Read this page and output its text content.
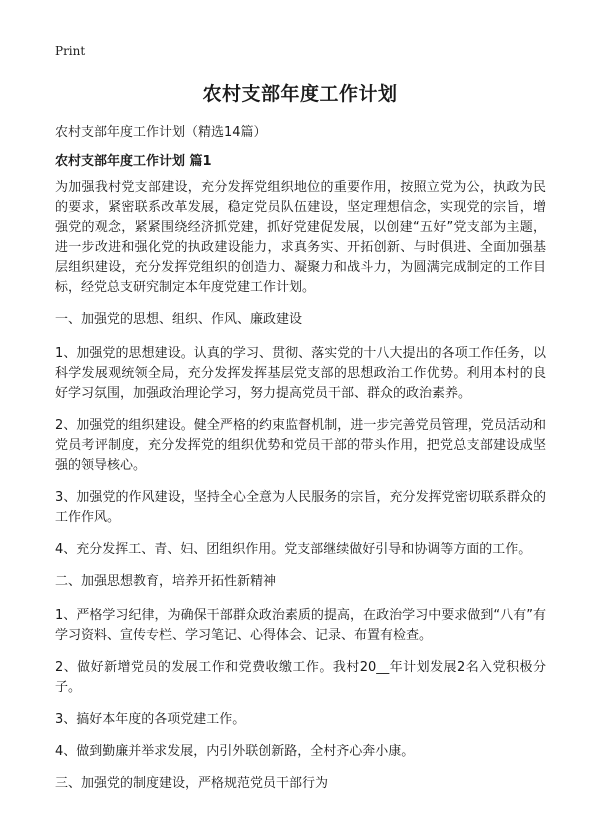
Print
农村支部年度工作计划
农村支部年度工作计划（精选14篇）
农村支部年度工作计划 篇1

为加强我村党支部建设，充分发挥党组织地位的重要作用，按照立党为公，执政为民的要求，紧密联系改革发展，稳定党员队伍建设，坚定理想信念，实现党的宗旨，增强党的观念，紧紧围绕经济抓党建，抓好党建促发展，以创建“五好”党支部为主题，进一步改进和强化党的执政建设能力，求真务实、开拓创新、与时俱进、全面加强基层组织建设，充分发挥党组织的创造力、凝聚力和战斗力，为圆满完成制定的工作目标，经党总支研究制定本年度党建工作计划。

一、加强党的思想、组织、作风、廉政建设

1、加强党的思想建设。认真的学习、贯彻、落实党的十八大提出的各项工作任务，以科学发展观统领全局，充分发挥发挥基层党支部的思想政治工作优势。利用本村的良好学习氛围，加强政治理论学习，努力提高党员干部、群众的政治素养。

2、加强党的组织建设。健全严格的约束监督机制，进一步完善党员管理，党员活动和党员考评制度，充分发挥党的组织优势和党员干部的带头作用，把党总支部建设成坚强的领导核心。

3、加强党的作风建设，坚持全心全意为人民服务的宗旨，充分发挥党密切联系群众的工作作风。

4、充分发挥工、青、妇、团组织作用。党支部继续做好引导和协调等方面的工作。

二、加强思想教育，培养开拓性新精神

1、严格学习纪律，为确保干部群众政治素质的提高，在政治学习中要求做到“八有”有学习资料、宣传专栏、学习笔记、心得体会、记录、布置有检查。

2、做好新增党员的发展工作和党费收缴工作。我村20__年计划发展2名入党积极分子。

3、搞好本年度的各项党建工作。

4、做到勤廉并举求发展，内引外联创新路，全村齐心奔小康。

三、加强党的制度建设，严格规范党员干部行为
